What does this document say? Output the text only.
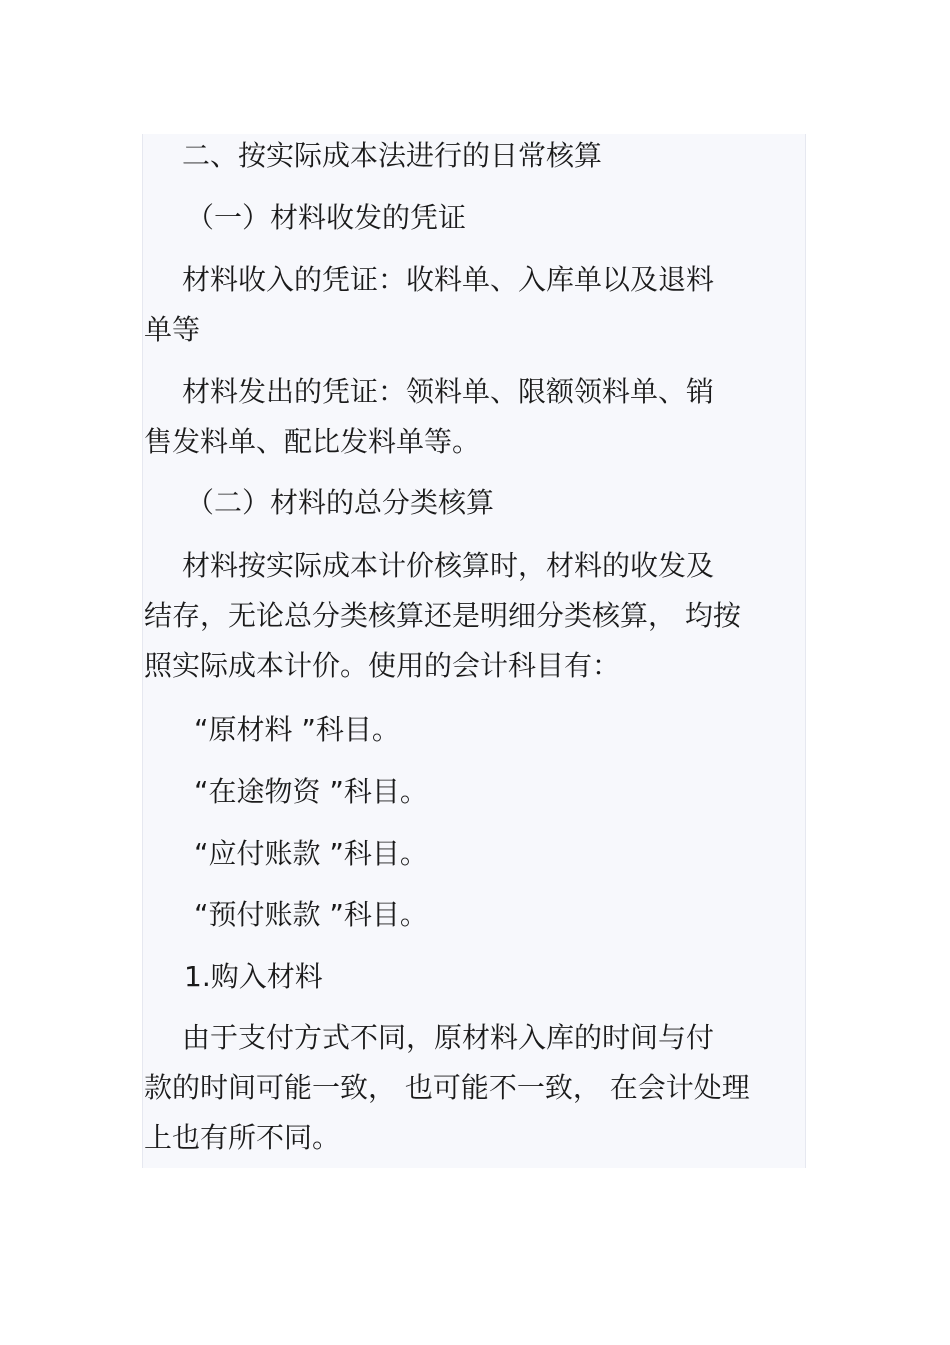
二、按实际成本法进行的日常核算
（一）材料收发的凭证
材料收入的凭证：收料单、入库单以及退料
单等
材料发出的凭证：领料单、限额领料单、销
售发料单、配比发料单等。
（二）材料的总分类核算
材料按实际成本计价核算时，材料的收发及
结存，无论总分类核算还是明细分类核算， 均按
照实际成本计价。使用的会计科目有：
“原材料 ”科目。
“在途物资 ”科目。
“应付账款 ”科目。
“预付账款 ”科目。
1.购入材料
由于支付方式不同，原材料入库的时间与付
款的时间可能一致， 也可能不一致， 在会计处理
上也有所不同。
